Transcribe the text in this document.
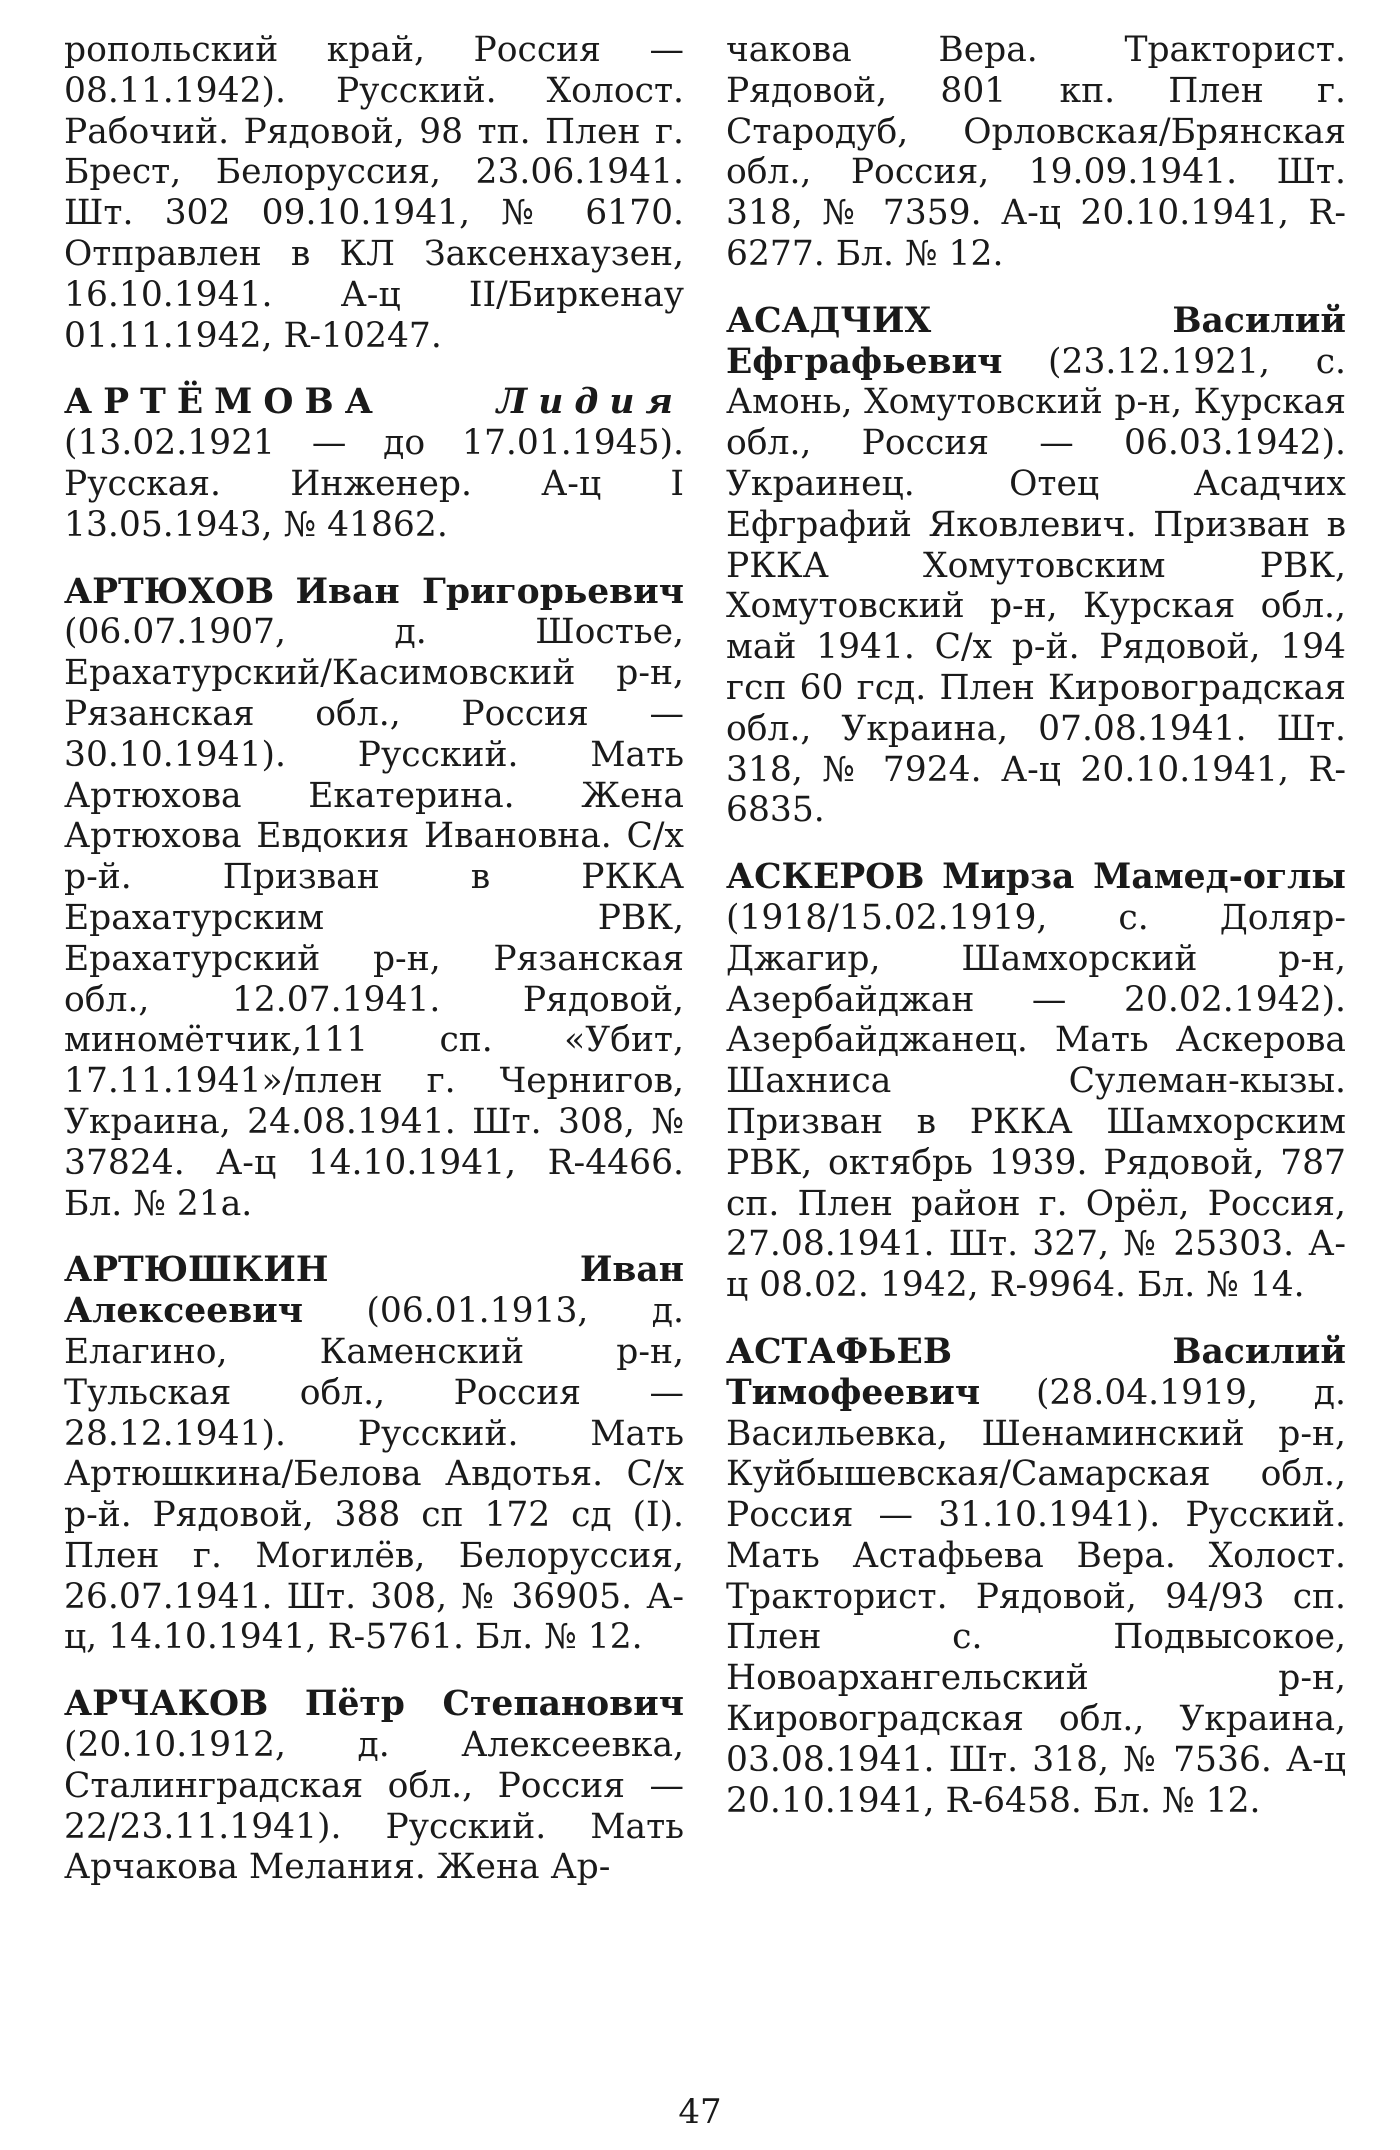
ропольский край, Россия — 08.11.1942). Русский. Холост. Рабочий. Рядовой, 98 тп. Плен г. Брест, Белоруссия, 23.06.1941. Шт. 302 09.10.1941, № 6170. Отправлен в КЛ Заксенхаузен, 16.10.1941. А-ц II/Биркенау 01.11.1942, R-10247.

АРТЁМОВА	Лидия (13.02.1921 — до 17.01.1945). Русская. Инженер. А-ц I 13.05.1943, № 41862.

АРТЮХОВ Иван Григорьевич (06.07.1907, д. Шостье, Ерахатурский/Касимовский р-н, Рязанская обл., Россия — 30.10.1941). Русский. Мать Артюхова Екатерина. Жена Артюхова Евдокия Ивановна. С/х р-й. Призван в РККА Ерахатурским РВК, Ерахатурский р-н, Рязанская обл., 12.07.1941. Рядовой, миномётчик,111 сп. «Убит, 17.11.1941»/плен г. Чернигов, Украина, 24.08.1941. Шт. 308, № 37824. А-ц 14.10.1941, R-4466. Бл. № 21а.

АРТЮШКИН	Иван Алексеевич (06.01.1913, д. Елагино, Каменский р-н, Тульская обл., Россия — 28.12.1941). Русский. Мать Артюшкина/Белова Авдотья. С/х р-й. Рядовой, 388 сп 172 сд (I). Плен г. Могилёв, Белоруссия, 26.07.1941. Шт. 308, № 36905. А-ц, 14.10.1941, R-5761. Бл. № 12.

АРЧАКОВ Пётр Степанович (20.10.1912, д. Алексеевка, Сталинградская обл., Россия — 22/23.11.1941). Русский. Мать Арчакова Мелания. Жена Ар-

чакова Вера. Тракторист. Рядовой, 801 кп. Плен г. Стародуб, Орловская/Брянская обл., Россия, 19.09.1941. Шт. 318, № 7359. А-ц 20.10.1941, R-6277. Бл. № 12.

АСАДЧИХ	Василий Ефграфьевич (23.12.1921, с. Амонь, Хомутовский р-н, Курская обл., Россия — 06.03.1942). Украинец. Отец Асадчих Ефграфий Яковлевич. Призван в РККА Хомутовским РВК, Хомутовский р-н, Курская обл., май 1941. С/х р-й. Рядовой, 194 гсп 60 гсд. Плен Кировоградская обл., Украина, 07.08.1941. Шт. 318, № 7924. А-ц 20.10.1941, R-6835.

АСКЕРОВ Мирза Мамед-оглы (1918/15.02.1919, с. Доляр-Джагир, Шамхорский р-н, Азербайджан — 20.02.1942). Азербайджанец. Мать Аскерова Шахниса Сулеман-кызы. Призван в РККА Шамхорским РВК, октябрь 1939. Рядовой, 787 сп. Плен район г. Орёл, Россия, 27.08.1941. Шт. 327, № 25303. А-ц 08.02. 1942, R-9964. Бл. № 14.

АСТАФЬЕВ	Василий Тимофеевич (28.04.1919, д. Васильевка, Шенаминский р-н, Куйбышевская/Самарская обл., Россия — 31.10.1941). Русский. Мать Астафьева Вера. Холост. Тракторист. Рядовой, 94/93 сп. Плен с. Подвысокое, Новоархангельский р-н, Кировоградская обл., Украина, 03.08.1941. Шт. 318, № 7536. А-ц 20.10.1941, R-6458. Бл. № 12.

47
